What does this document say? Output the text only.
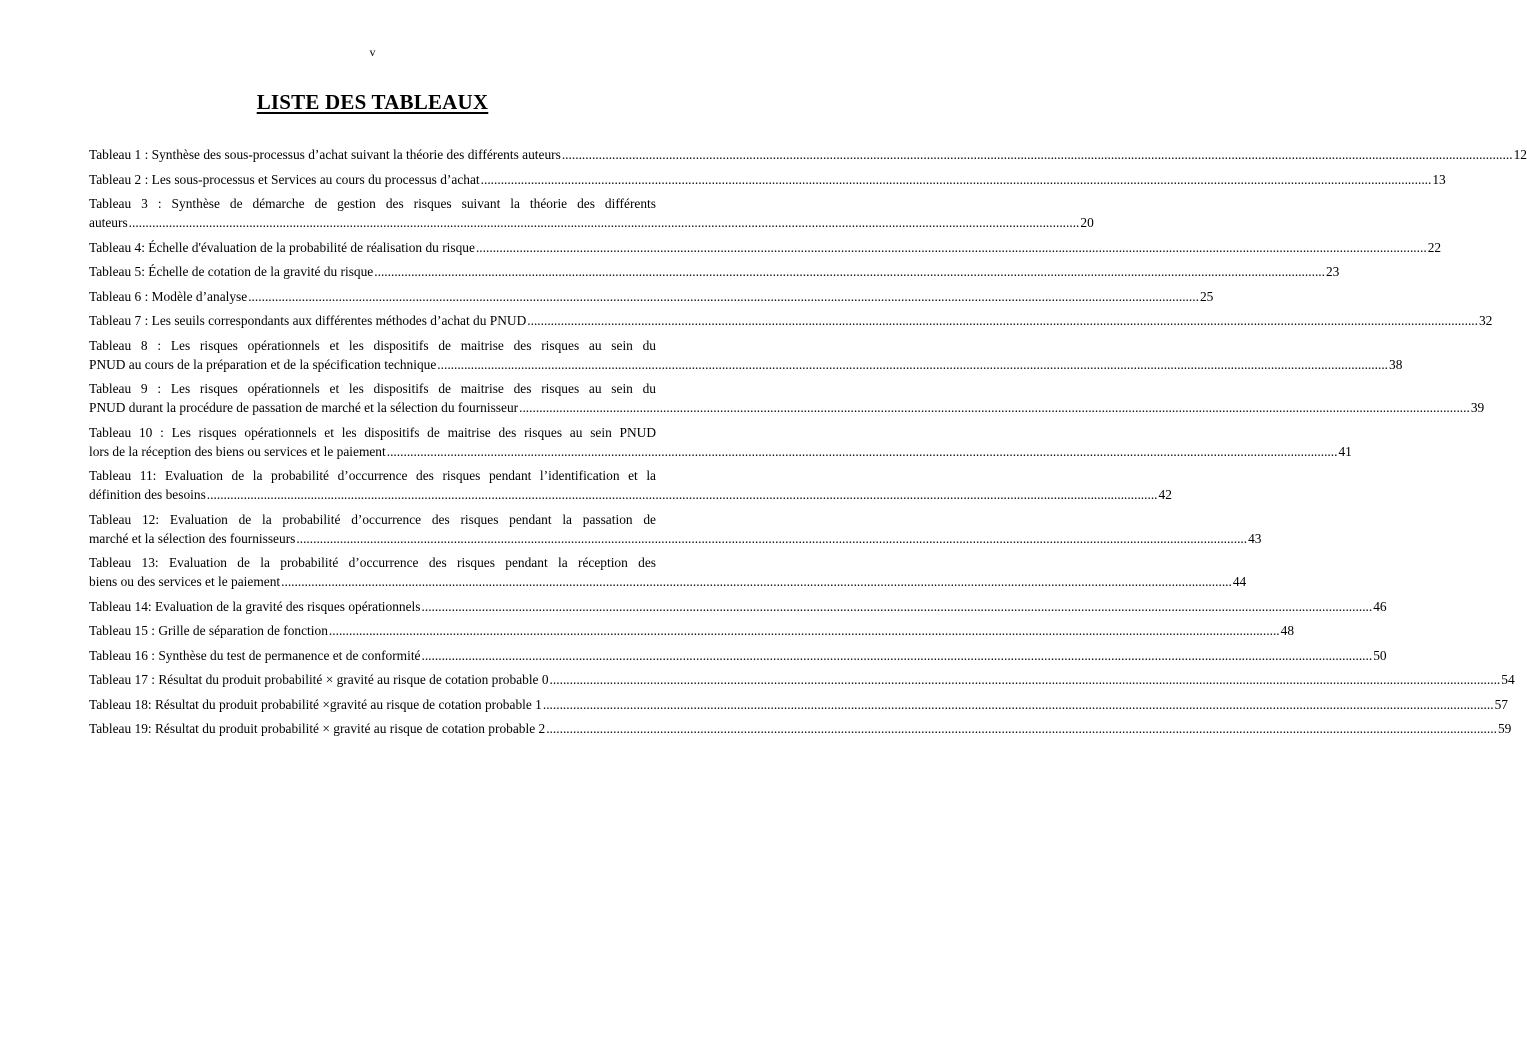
v
LISTE DES TABLEAUX
Tableau 1 : Synthèse des sous-processus d’achat suivant la théorie des différents auteurs .....	12
Tableau 2 : Les sous-processus et Services au cours du processus d’achat .....	13
Tableau 3 : Synthèse de démarche de gestion des risques suivant la théorie des différents
auteurs .....	20
Tableau 4: Échelle d'évaluation de la probabilité de réalisation du risque .....	22
Tableau 5: Échelle de cotation de la gravité du risque .....	23
Tableau 6 : Modèle d’analyse .....	25
Tableau 7 : Les seuils correspondants aux différentes méthodes d’achat du PNUD .....	32
Tableau 8 : Les risques opérationnels et les dispositifs de maitrise des risques au sein du
PNUD au cours de la préparation et de la spécification technique .....	38
Tableau 9 : Les risques opérationnels et les dispositifs de maitrise des risques au sein du
PNUD durant la procédure de passation de marché et la sélection du fournisseur .....	39
Tableau 10 : Les risques opérationnels et les dispositifs de maitrise des risques au sein PNUD
lors de la réception des biens ou services et le paiement .....	41
Tableau 11: Evaluation de la probabilité d’occurrence des risques pendant l’identification et la
définition des besoins .....	42
Tableau 12: Evaluation de la probabilité d’occurrence des risques pendant la passation de
marché et la sélection des fournisseurs .....	43
Tableau 13: Evaluation de la probabilité d’occurrence des risques pendant la réception des
biens ou des services et le paiement .....	44
Tableau 14: Evaluation de la gravité des risques opérationnels .....	46
Tableau 15 : Grille de séparation de fonction .....	48
Tableau 16 : Synthèse du test de permanence et de conformité .....	50
Tableau 17 : Résultat du produit probabilité × gravité au risque de cotation probable 0 .....	54
Tableau 18: Résultat du produit probabilité ×gravité au risque de cotation probable 1 .....	57
Tableau 19: Résultat du produit probabilité × gravité au risque de cotation probable 2 .....	59
